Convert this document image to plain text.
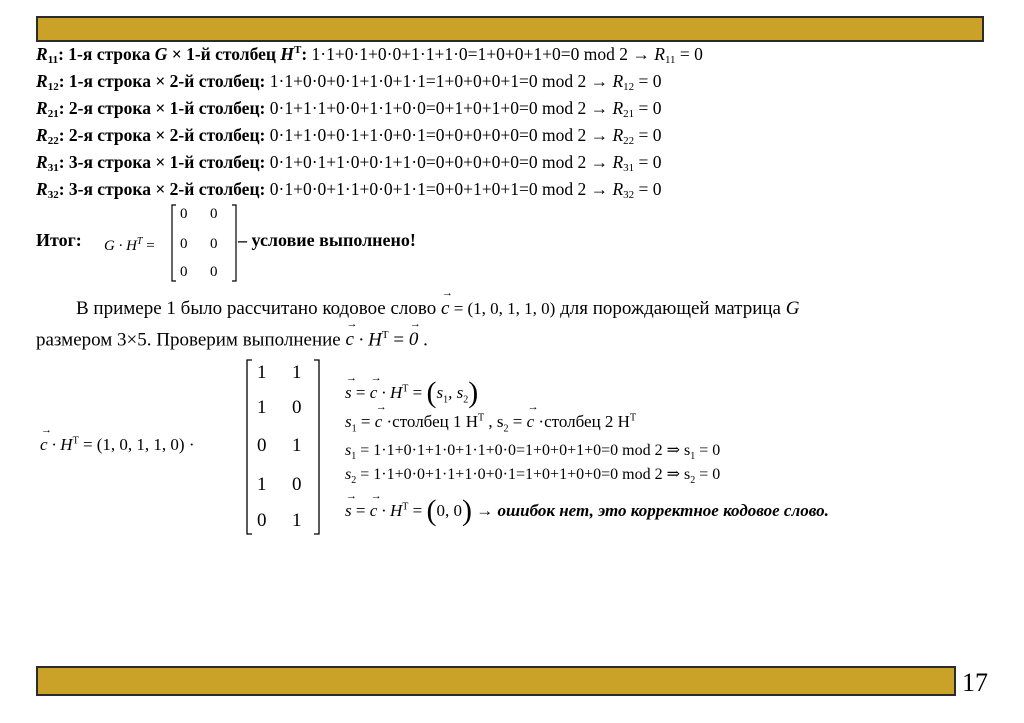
17
$R_{11}$: 1-я строка G × 1-й столбец $H^T$: 1·1+0·1+0·0+1·1+1·0=1+0+0+1+0=0 mod $2 \to R_{11} = 0$
$R_{12}$: 1-я строка × 2-й столбец: 1·1+0·0+0·1+1·0+1·1=1+0+0+0+1=0 mod $2 \to R_{12} = 0$
$R_{21}$: 2-я строка × 1-й столбец: 0·1+1·1+0·0+1·1+0·0=0+1+0+1+0=0 mod $2 \to R_{21} = 0$
$R_{22}$: 2-я строка × 2-й столбец: 0·1+1·0+0·1+1·0+0·1=0+0+0+0+0=0 mod $2 \to R_{22} = 0$
$R_{31}$: 3-я строка × 1-й столбец: 0·1+0·1+1·0+0·1+1·0=0+0+0+0+0=0 mod $2 \to R_{31} = 0$
$R_{32}$: 3-я строка × 2-й столбец: 0·1+0·0+1·1+0·0+1·1=0+0+1+0+1=0 mod $2 \to R_{32} = 0$
Итог: $G \cdot H^T$ =
0 0
0 0
0 0
– условие выполнено!
В примере 1 было рассчитано кодовое слово → c = (1, 0, 1, 1, 0) для порождающей матрица G
размером 3×5. Проверим выполнение → $c \cdot H^T$ = → 0 .
→ $c \cdot H^T = (1$, 0, 1, 1, 0) ·
1 1
1 0
0 1
1 0
0 1
→ s = → $c \cdot H^T = (s_1$, $s_2$)
$s_1$ = → c ·столбец 1 $H^T$ , $s_2$ = → c ·столбец 2 $H^T$
$s_1 = 1\cdot 1+0\cdot 1+1\cdot 0+1\cdot 1+0\cdot 0=1+0+0+1+0=0$ mod 2 ⇒ $s_1 = 0$
$s_2 = 1\cdot 1+0\cdot 0+1\cdot 1+1\cdot 0+0\cdot 1=1+0+1+0+0=0$ mod 2 ⇒ $s_2 = 0$
→ s = → $c \cdot H^T = (0$, 0) → ошибок нет, это корректное кодовое слово.
